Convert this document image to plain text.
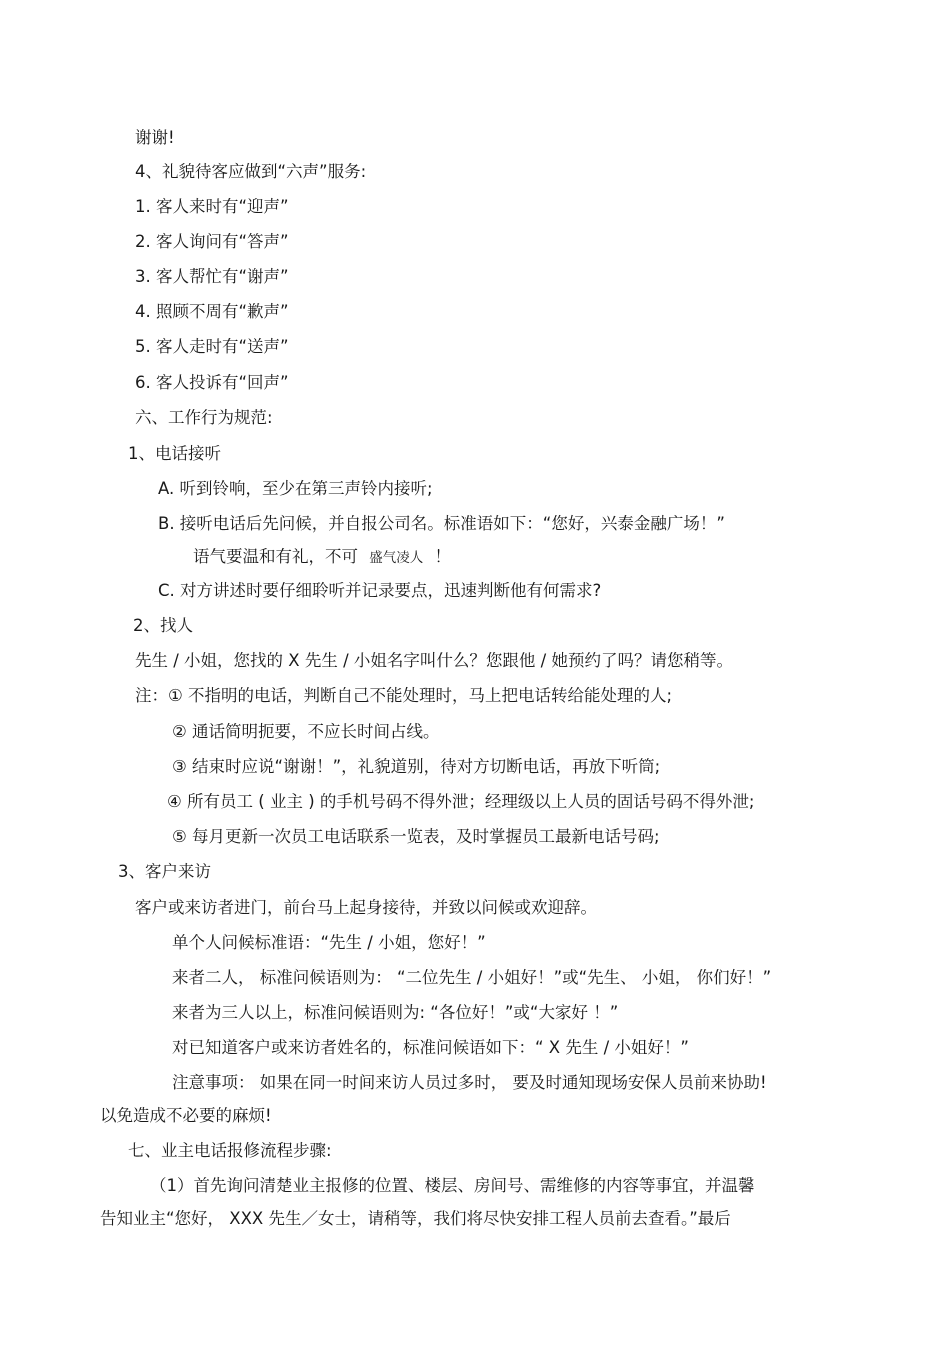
谢谢!
4、礼貌待客应做到“六声”服务:
1. 客人来时有“迎声”
2. 客人询问有“答声”
3. 客人帮忙有“谢声”
4. 照顾不周有“歉声”
5. 客人走时有“送声”
6. 客人投诉有“回声”
六、工作行为规范:
1、电话接听
A. 听到铃响，至少在第三声铃内接听;
B. 接听电话后先问候，并自报公司名。标准语如下：“您好，兴泰金融广场！”
语气要温和有礼，不可 盛气凌人 ！
C. 对方讲述时要仔细聆听并记录要点，迅速判断他有何需求?
2、找人
先生 / 小姐，您找的 X 先生 / 小姐名字叫什么？您跟他 / 她预约了吗？请您稍等。
注：① 不指明的电话，判断自己不能处理时，马上把电话转给能处理的人;
② 通话简明扼要，不应长时间占线。
③ 结束时应说“谢谢！”，礼貌道别，待对方切断电话，再放下听筒;
④ 所有员工 ( 业主 ) 的手机号码不得外泄；经理级以上人员的固话号码不得外泄;
⑤ 每月更新一次员工电话联系一览表，及时掌握员工最新电话号码;
3、客户来访
客户或来访者进门，前台马上起身接待，并致以问候或欢迎辞。
单个人问候标准语：“先生 / 小姐，您好！”
来者二人， 标准问候语则为： “二位先生 / 小姐好！”或“先生、 小姐， 你们好！”
来者为三人以上，标准问候语则为: “各位好！”或“大家好 ！”
对已知道客户或来访者姓名的，标准问候语如下：“ X 先生 / 小姐好！”
注意事项： 如果在同一时间来访人员过多时， 要及时通知现场安保人员前来协助!
以免造成不必要的麻烦!
七、业主电话报修流程步骤:
（1）首先询问清楚业主报修的位置、楼层、房间号、需维修的内容等事宜，并温馨
告知业主“您好， XXX 先生／女士，请稍等，我们将尽快安排工程人员前去查看。”最后
